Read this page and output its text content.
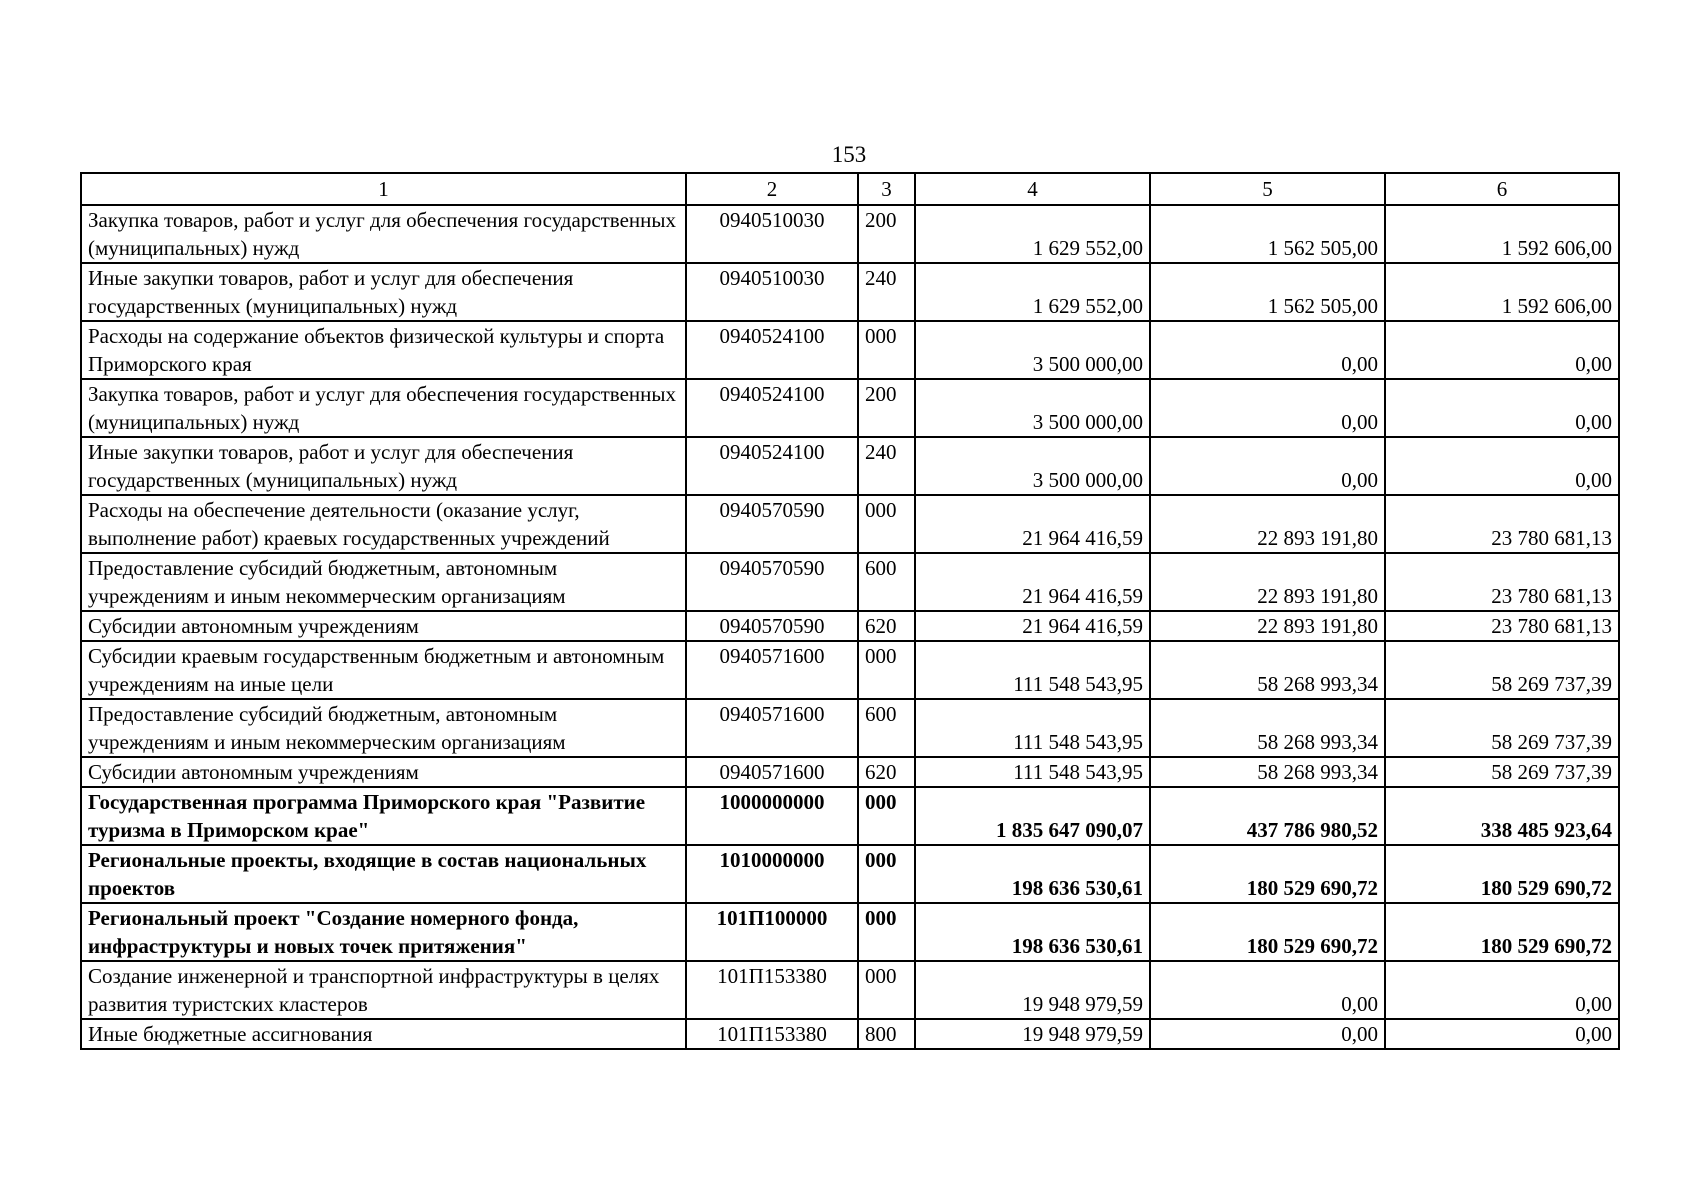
153
1	2	3	4	5	6
Закупка товаров, работ и услуг для обеспечения государственных (муниципальных) нужд	0940510030	200	1 629 552,00	1 562 505,00	1 592 606,00
Иные закупки товаров, работ и услуг для обеспечения государственных (муниципальных) нужд	0940510030	240	1 629 552,00	1 562 505,00	1 592 606,00
Расходы на содержание объектов физической культуры и спорта Приморского края	0940524100	000	3 500 000,00	0,00	0,00
Закупка товаров, работ и услуг для обеспечения государственных (муниципальных) нужд	0940524100	200	3 500 000,00	0,00	0,00
Иные закупки товаров, работ и услуг для обеспечения государственных (муниципальных) нужд	0940524100	240	3 500 000,00	0,00	0,00
Расходы на обеспечение деятельности (оказание услуг, выполнение работ) краевых государственных учреждений	0940570590	000	21 964 416,59	22 893 191,80	23 780 681,13
Предоставление субсидий бюджетным, автономным учреждениям и иным некоммерческим организациям	0940570590	600	21 964 416,59	22 893 191,80	23 780 681,13
Субсидии автономным учреждениям	0940570590	620	21 964 416,59	22 893 191,80	23 780 681,13
Субсидии краевым государственным бюджетным и автономным учреждениям на иные цели	0940571600	000	111 548 543,95	58 268 993,34	58 269 737,39
Предоставление субсидий бюджетным, автономным учреждениям и иным некоммерческим организациям	0940571600	600	111 548 543,95	58 268 993,34	58 269 737,39
Субсидии автономным учреждениям	0940571600	620	111 548 543,95	58 268 993,34	58 269 737,39
Государственная программа Приморского края "Развитие туризма в Приморском крае"	1000000000	000	1 835 647 090,07	437 786 980,52	338 485 923,64
Региональные проекты, входящие в состав национальных проектов	1010000000	000	198 636 530,61	180 529 690,72	180 529 690,72
Региональный проект "Создание номерного фонда, инфраструктуры и новых точек притяжения"	101П100000	000	198 636 530,61	180 529 690,72	180 529 690,72
Создание инженерной и транспортной инфраструктуры в целях развития туристских кластеров	101П153380	000	19 948 979,59	0,00	0,00
Иные бюджетные ассигнования	101П153380	800	19 948 979,59	0,00	0,00
